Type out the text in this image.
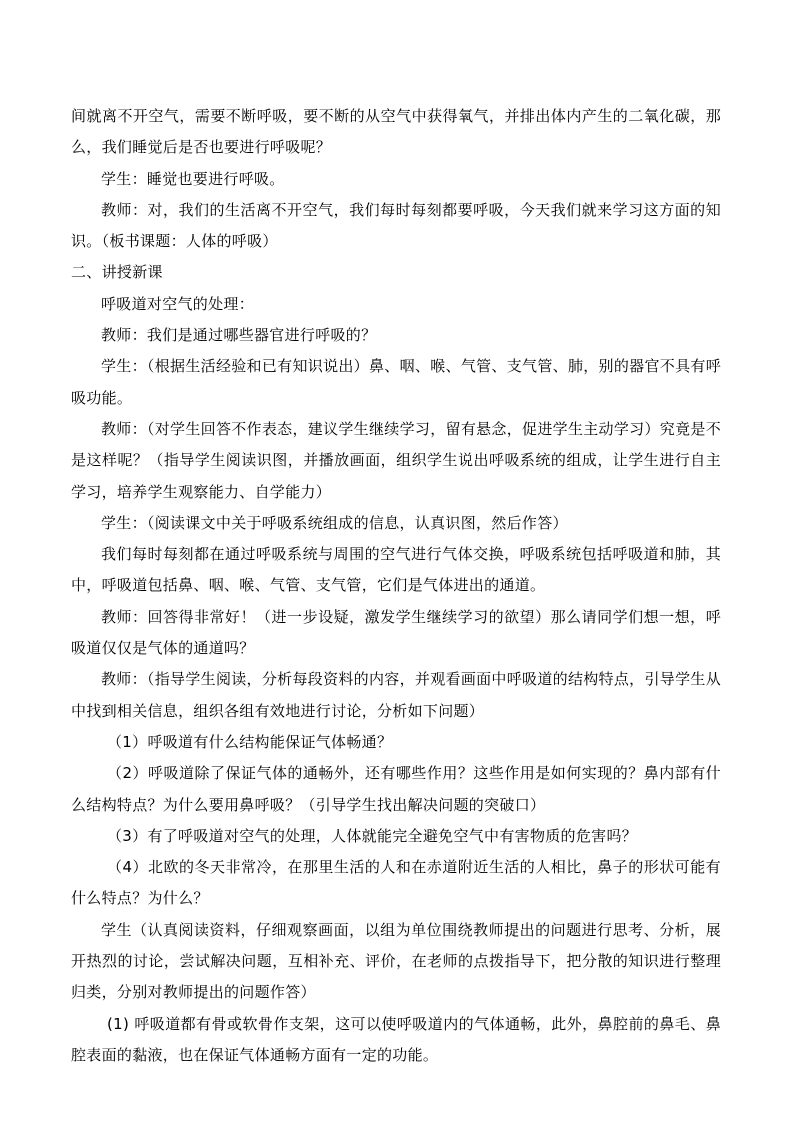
间就离不开空气，需要不断呼吸，要不断的从空气中获得氧气，并排出体内产生的二氧化碳，那么，我们睡觉后是否也要进行呼吸呢？

学生：睡觉也要进行呼吸。

教师：对，我们的生活离不开空气，我们每时每刻都要呼吸，今天我们就来学习这方面的知识。（板书课题：人体的呼吸）

二、讲授新课

呼吸道对空气的处理：

教师：我们是通过哪些器官进行呼吸的？

学生：（根据生活经验和已有知识说出）鼻、咽、喉、气管、支气管、肺，别的器官不具有呼吸功能。

教师：（对学生回答不作表态，建议学生继续学习，留有悬念，促进学生主动学习）究竟是不是这样呢？（指导学生阅读识图，并播放画面，组织学生说出呼吸系统的组成，让学生进行自主学习，培养学生观察能力、自学能力）

学生：（阅读课文中关于呼吸系统组成的信息，认真识图，然后作答）

我们每时每刻都在通过呼吸系统与周围的空气进行气体交换，呼吸系统包括呼吸道和肺，其中，呼吸道包括鼻、咽、喉、气管、支气管，它们是气体进出的通道。

教师：回答得非常好！（进一步设疑，激发学生继续学习的欲望）那么请同学们想一想，呼吸道仅仅是气体的通道吗？

教师：（指导学生阅读，分析每段资料的内容，并观看画面中呼吸道的结构特点，引导学生从中找到相关信息，组织各组有效地进行讨论，分析如下问题）

（1）呼吸道有什么结构能保证气体畅通？

（2）呼吸道除了保证气体的通畅外，还有哪些作用？这些作用是如何实现的？鼻内部有什么结构特点？为什么要用鼻呼吸？（引导学生找出解决问题的突破口）

（3）有了呼吸道对空气的处理，人体就能完全避免空气中有害物质的危害吗？

（4）北欧的冬天非常冷，在那里生活的人和在赤道附近生活的人相比，鼻子的形状可能有什么特点？为什么？

学生（认真阅读资料，仔细观察画面，以组为单位围绕教师提出的问题进行思考、分析，展开热烈的讨论，尝试解决问题，互相补充、评价，在老师的点拨指导下，把分散的知识进行整理归类，分别对教师提出的问题作答）

(1) 呼吸道都有骨或软骨作支架，这可以使呼吸道内的气体通畅，此外，鼻腔前的鼻毛、鼻腔表面的黏液，也在保证气体通畅方面有一定的功能。
